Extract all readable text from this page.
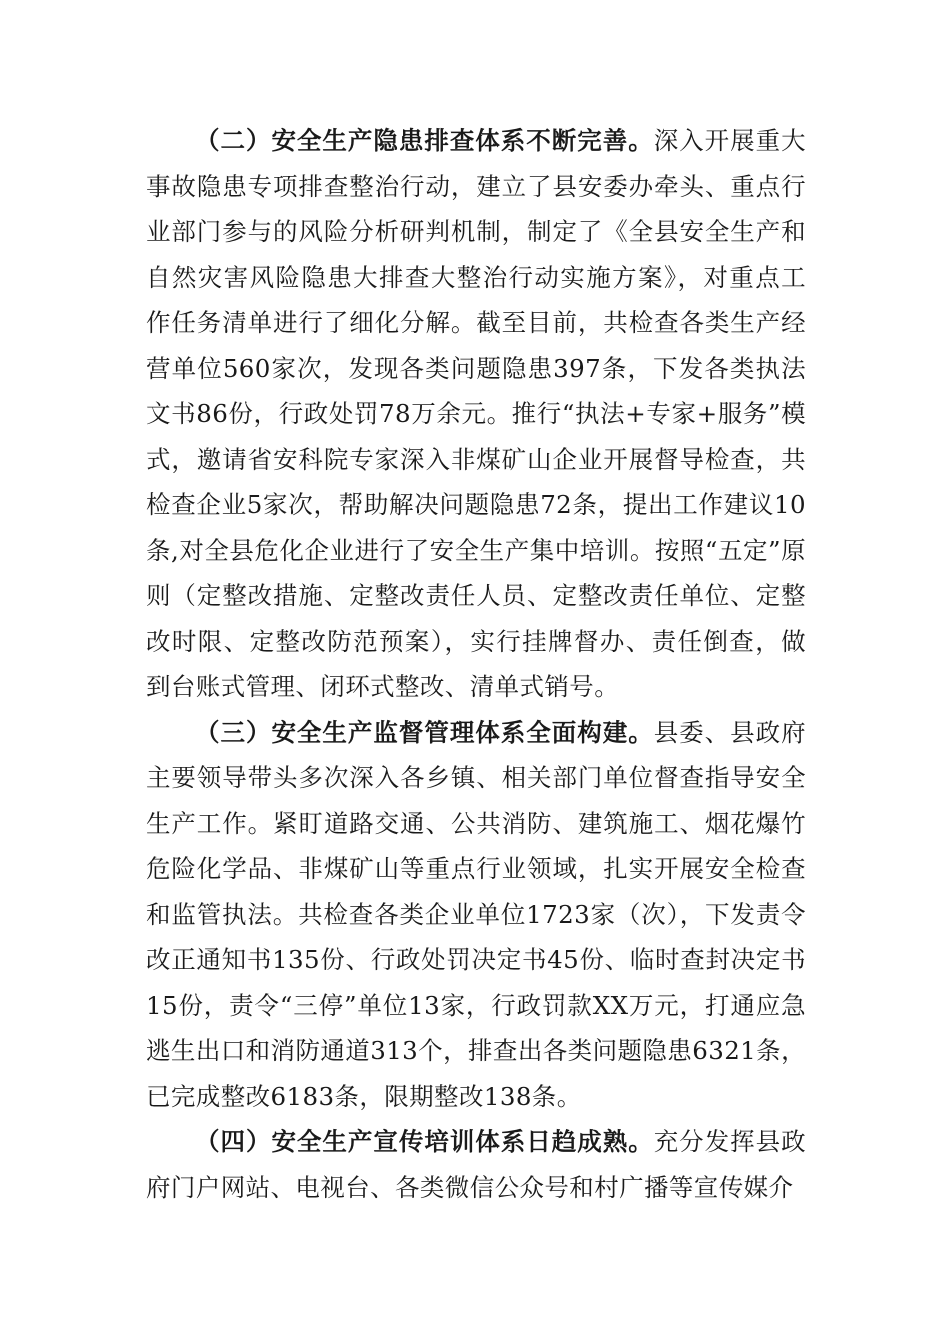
（二）安全生产隐患排查体系不断完善。深入开展重大事故隐患专项排查整治行动，建立了县安委办牵头、重点行业部门参与的风险分析研判机制，制定了《全县安全生产和自然灾害风险隐患大排查大整治行动实施方案》，对重点工作任务清单进行了细化分解。截至目前，共检查各类生产经营单位560家次，发现各类问题隐患397条，下发各类执法文书86份，行政处罚78万余元。推行“执法+专家+服务”模式，邀请省安科院专家深入非煤矿山企业开展督导检查，共检查企业5家次，帮助解决问题隐患72条，提出工作建议10条,对全县危化企业进行了安全生产集中培训。按照“五定”原则（定整改措施、定整改责任人员、定整改责任单位、定整改时限、定整改防范预案），实行挂牌督办、责任倒查，做到台账式管理、闭环式整改、清单式销号。

（三）安全生产监督管理体系全面构建。县委、县政府主要领导带头多次深入各乡镇、相关部门单位督查指导安全生产工作。紧盯道路交通、公共消防、建筑施工、烟花爆竹危险化学品、非煤矿山等重点行业领域，扎实开展安全检查和监管执法。共检查各类企业单位1723家（次），下发责令改正通知书135份、行政处罚决定书45份、临时查封决定书15份，责令“三停”单位13家，行政罚款XX万元，打通应急逃生出口和消防通道313个，排查出各类问题隐患6321条，已完成整改6183条，限期整改138条。

（四）安全生产宣传培训体系日趋成熟。充分发挥县政府门户网站、电视台、各类微信公众号和村广播等宣传媒介
